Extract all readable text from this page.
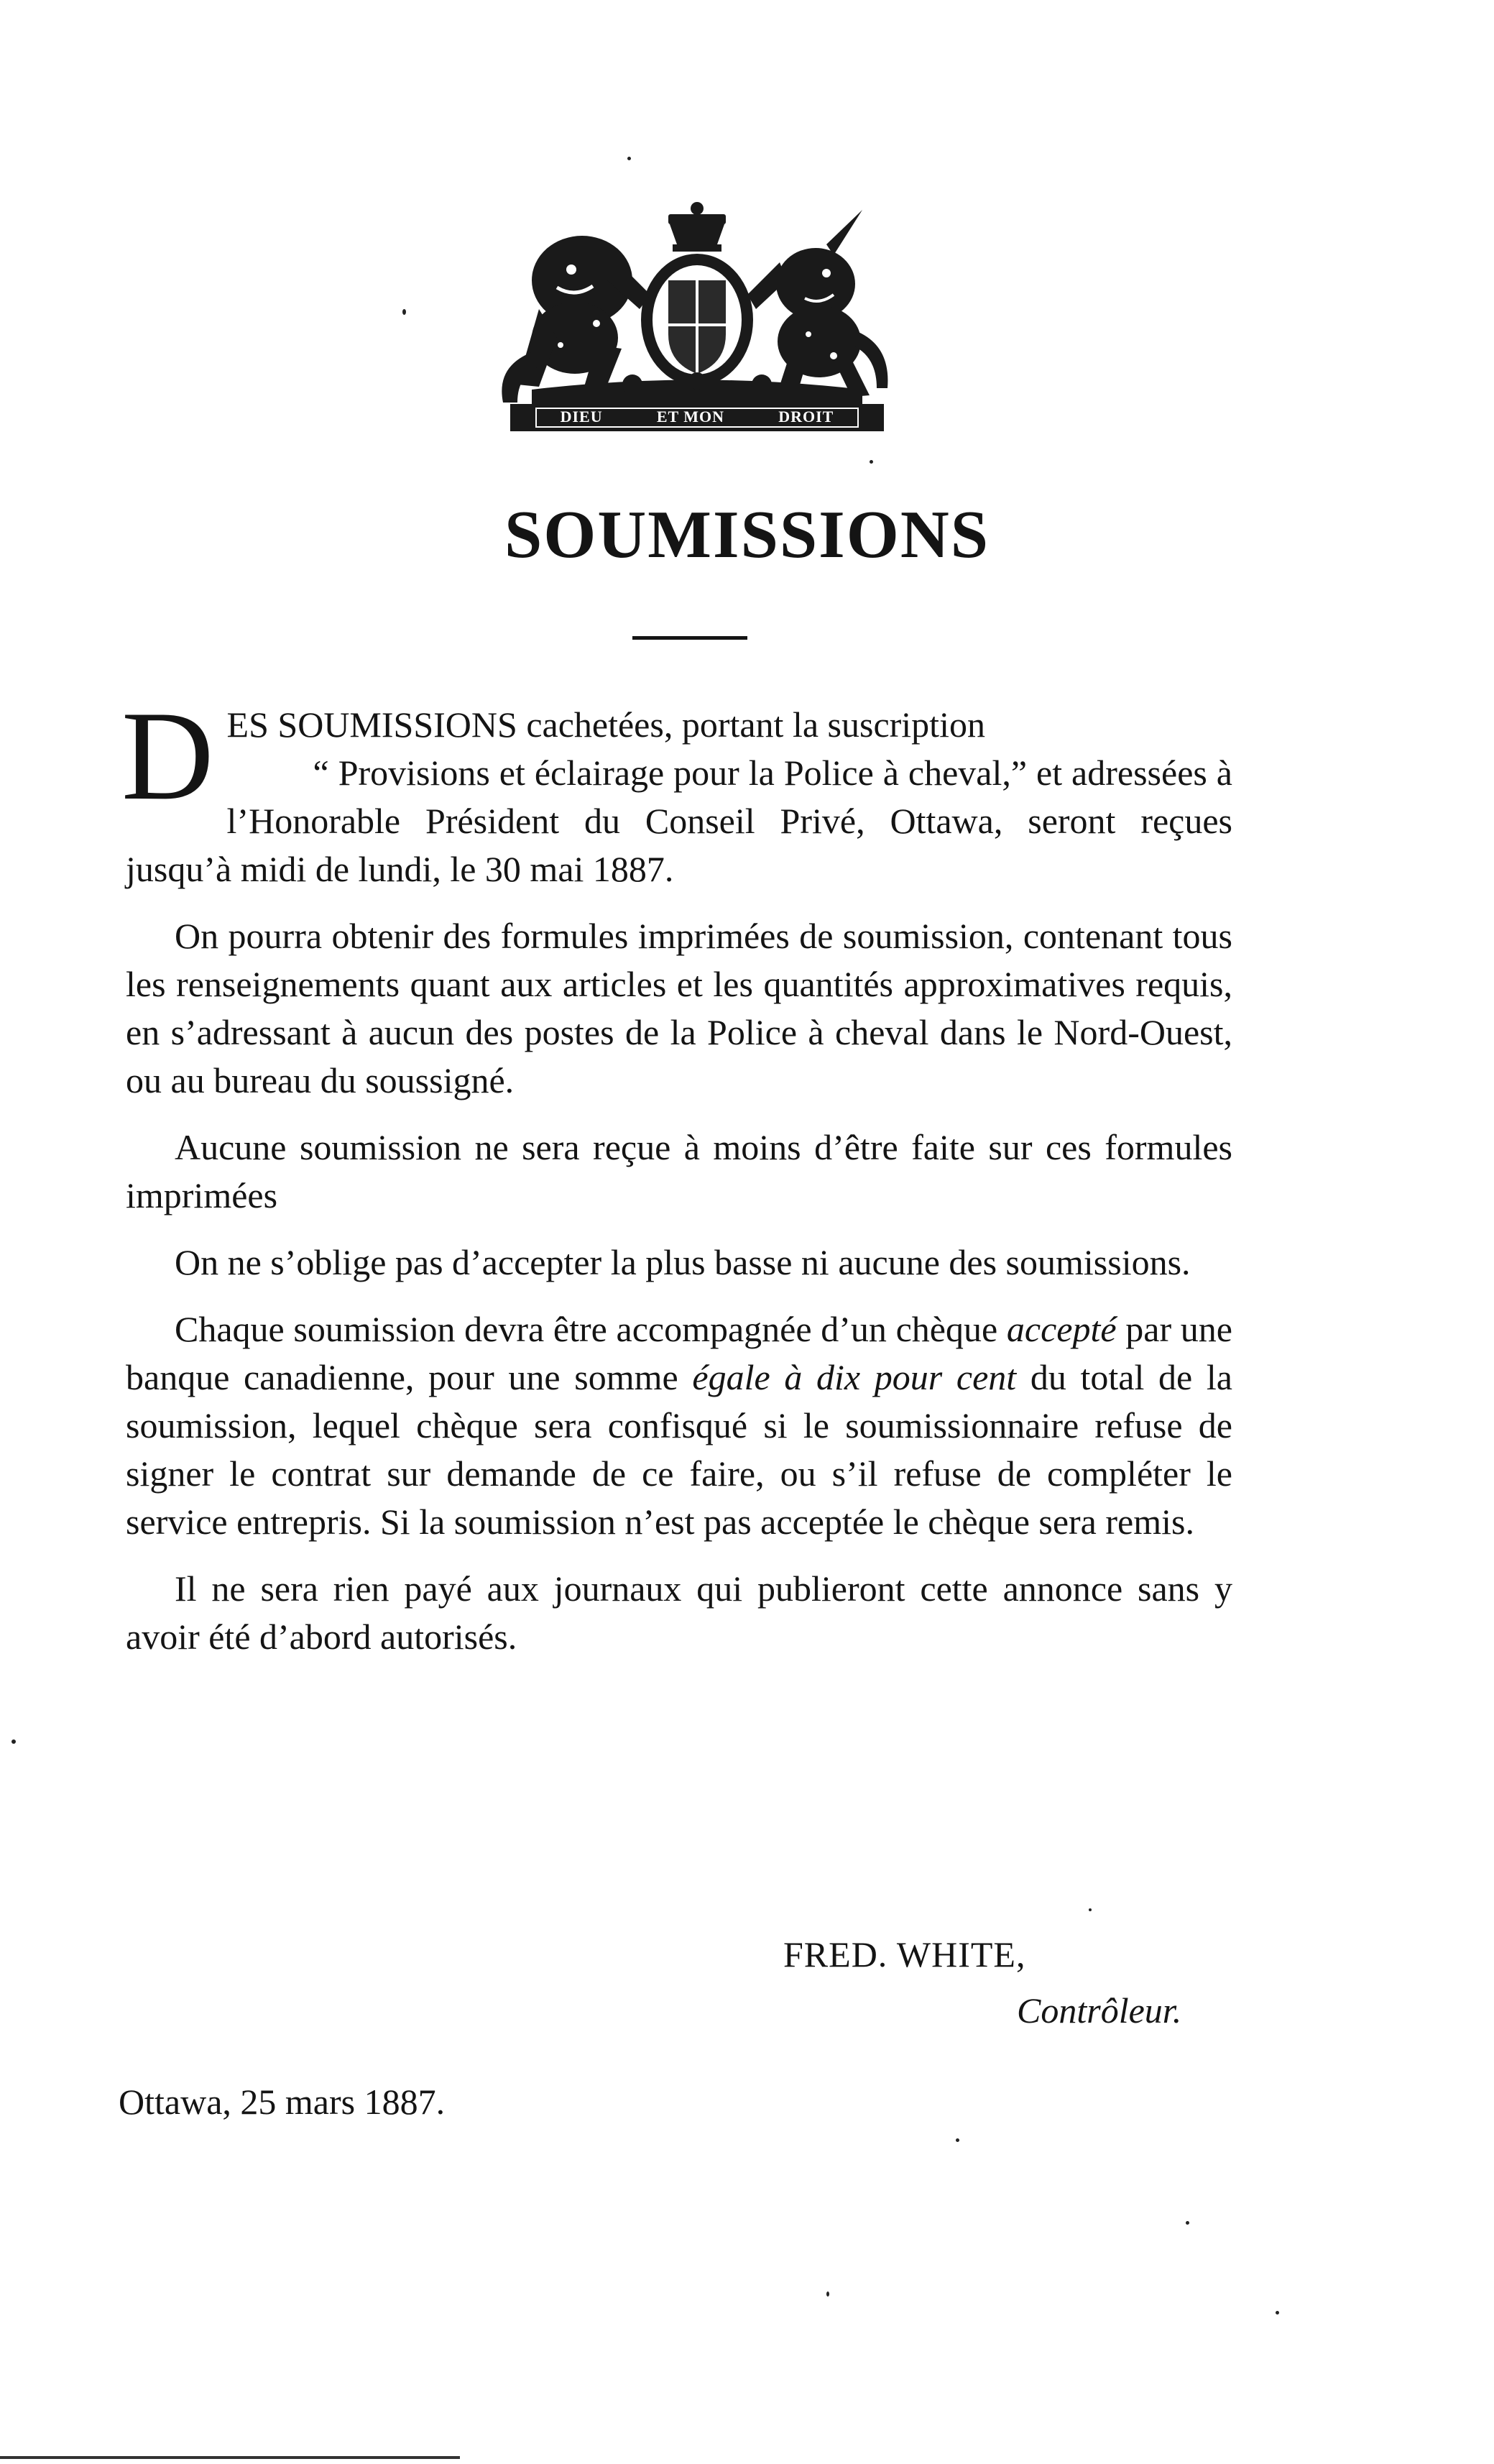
DIEU	ET MON	DROIT
SOUMISSIONS

DES SOUMISSIONS cachetées, portant la suscription
“ Provisions et éclairage pour la Police à cheval,” et adressées à l’Honorable Président du Conseil Privé, Ottawa, seront reçues jusqu’à midi de lundi, le 30 mai 1887.

On pourra obtenir des formules imprimées de soumission, contenant tous les renseignements quant aux articles et les quantités approximatives requis, en s’adressant à aucun des postes de la Police à cheval dans le Nord-Ouest, ou au bureau du soussigné.

Aucune soumission ne sera reçue à moins d’être faite sur ces formules imprimées

On ne s’oblige pas d’accepter la plus basse ni aucune des soumissions.

Chaque soumission devra être accompagnée d’un chèque accepté par une banque canadienne, pour une somme égale à dix pour cent du total de la soumission, lequel chèque sera confisqué si le soumissionnaire refuse de signer le contrat sur demande de ce faire, ou s’il refuse de compléter le service entrepris. Si la soumission n’est pas acceptée le chèque sera remis.

Il ne sera rien payé aux journaux qui publieront cette annonce sans y avoir été d’abord autorisés.

FRED. WHITE,
Contrôleur.
Ottawa, 25 mars 1887.
